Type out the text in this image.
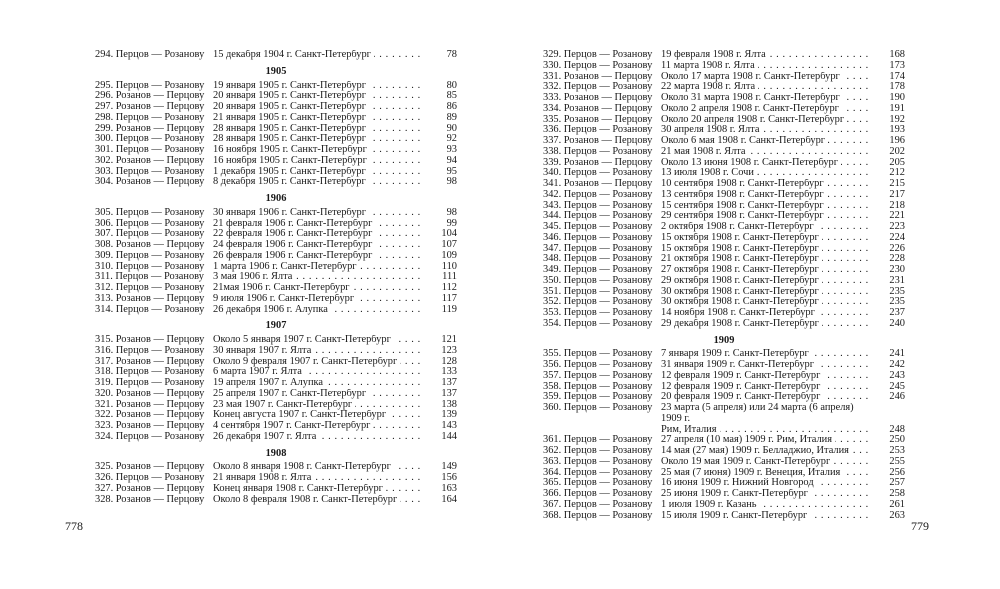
294. Перцов — Розанову 15 декабря 1904 г. Санкт-Петербург . . .	78
1905
295. Перцов — Розанову 19 января 1905 г. Санкт-Петербург . . .	80
296. Розанов — Перцову 20 января 1905 г. Санкт-Петербург . . .	85
297. Розанов — Перцову 20 января 1905 г. Санкт-Петербург . . .	86
298. Перцов — Розанову 21 января 1905 г. Санкт-Петербург . . .	89
299. Розанов — Перцову 28 января 1905 г. Санкт-Петербург . . .	90
300. Перцов — Розанову 28 января 1905 г. Санкт-Петербург . . .	92
301. Перцов — Розанову 16 ноября 1905 г. Санкт-Петербург . . .	93
302. Розанов — Перцову 16 ноября 1905 г. Санкт-Петербург . . .	94
303. Перцов — Розанову 1 декабря 1905 г. Санкт-Петербург . . .	95
304. Розанов — Перцову 8 декабря 1905 г. Санкт-Петербург . . .	98
1906
305. Перцов — Розанову 30 января 1906 г. Санкт-Петербург . . .	98
306. Перцов — Розанову 21 февраля 1906 г. Санкт-Петербург . . .	99
307. Перцов — Розанову 22 февраля 1906 г. Санкт-Петербург . . .	104
308. Розанов — Перцову 24 февраля 1906 г. Санкт-Петербург . . .	107
309. Перцов — Розанову 26 февраля 1906 г. Санкт-Петербург . . .	109
310. Перцов — Розанову 1 марта 1906 г. Санкт-Петербург . . .	110
311. Перцов — Розанову 3 мая 1906 г. Ялта . . .	111
312. Перцов — Розанову 21мая 1906 г. Санкт-Петербург . . .	112
313. Розанов — Перцову 9 июля 1906 г. Санкт-Петербург . . .	117
314. Перцов — Розанову 26 декабря 1906 г. Алупка . . .	119
1907
315. Розанов — Перцову Около 5 января 1907 г. Санкт-Петербург . . .	121
316. Перцов — Розанову 30 января 1907 г. Ялта . . .	123
317. Розанов — Перцову Около 9 февраля 1907 г. Санкт-Петербург . . .	128
318. Перцов — Розанову 6 марта 1907 г. Ялта . . .	133
319. Перцов — Розанову 19 апреля 1907 г. Алупка . . .	137
320. Розанов — Перцову 25 апреля 1907 г. Санкт-Петербург . . .	137
321. Розанов — Перцову 23 мая 1907 г. Санкт-Петербург . . .	138
322. Розанов — Перцову Конец августа 1907 г. Санкт-Петербург . . .	139
323. Розанов — Перцову 4 сентября 1907 г. Санкт-Петербург . . .	143
324. Перцов — Розанову 26 декабря 1907 г. Ялта . . .	144
1908
325. Розанов — Перцову Около 8 января 1908 г. Санкт-Петербург . . .	149
326. Перцов — Розанову 21 января 1908 г. Ялта . . .	156
327. Розанов — Перцову Конец января 1908 г. Санкт-Петербург . . .	163
328. Розанов — Перцову Около 8 февраля 1908 г. Санкт-Петербург . . .	164
778
329. Перцов — Розанову 19 февраля 1908 г. Ялта . . .	168
330. Перцов — Розанову 11 марта 1908 г. Ялта . . .	173
331. Розанов — Перцову Около 17 марта 1908 г. Санкт-Петербург . . .	174
332. Перцов — Розанову 22 марта 1908 г. Ялта . . .	178
333. Розанов — Перцову Около 31 марта 1908 г. Санкт-Петербург . . .	190
334. Розанов — Перцову Около 2 апреля 1908 г. Санкт-Петербург . . .	191
335. Розанов — Перцову Около 20 апреля 1908 г. Санкт-Петербург . . .	192
336. Перцов — Розанову 30 апреля 1908 г. Ялта . . .	193
337. Розанов — Перцову Около 6 мая 1908 г. Санкт-Петербург . . .	196
338. Перцов — Розанову 21 мая 1908 г. Ялта . . .	202
339. Розанов — Перцову Около 13 июня 1908 г. Санкт-Петербург . . .	205
340. Перцов — Розанову 13 июля 1908 г. Сочи . . .	212
341. Розанов — Перцову 10 сентября 1908 г. Санкт-Петербург . . .	215
342. Перцов — Розанову 13 сентября 1908 г. Санкт-Петербург . . .	217
343. Перцов — Розанову 15 сентября 1908 г. Санкт-Петербург . . .	218
344. Перцов — Розанову 29 сентября 1908 г. Санкт-Петербург . . .	221
345. Перцов — Розанову 2 октября 1908 г. Санкт-Петербург . . .	223
346. Перцов — Розанову 15 октября 1908 г. Санкт-Петербург . . .	224
347. Перцов — Розанову 15 октября 1908 г. Санкт-Петербург . . .	226
348. Перцов — Розанову 21 октября 1908 г. Санкт-Петербург . . .	228
349. Перцов — Розанову 27 октября 1908 г. Санкт-Петербург . . .	230
350. Перцов — Розанову 29 октября 1908 г. Санкт-Петербург . . .	231
351. Перцов — Розанову 30 октября 1908 г. Санкт-Петербург . . .	235
352. Перцов — Розанову 30 октября 1908 г. Санкт-Петербург . . .	235
353. Перцов — Розанову 14 ноября 1908 г. Санкт-Петербург . . .	237
354. Перцов — Розанову 29 декабря 1908 г. Санкт-Петербург . . .	240
1909
355. Перцов — Розанову 7 января 1909 г. Санкт-Петербург . . .	241
356. Перцов — Розанову 31 января 1909 г. Санкт-Петербург . . .	242
357. Перцов — Розанову 12 февраля 1909 г. Санкт-Петербург . . .	243
358. Перцов — Розанову 12 февраля 1909 г. Санкт-Петербург . . .	245
359. Перцов — Розанову 20 февраля 1909 г. Санкт-Петербург . . .	246
360. Перцов — Розанову 23 марта (5 апреля) или 24 марта (6 апреля) 1909 г.
Рим, Италия . . .	248
361. Перцов — Розанову 27 апреля (10 мая) 1909 г. Рим, Италия . . .	250
362. Перцов — Розанову 14 мая (27 мая) 1909 г. Белладжио, Италия . . .	253
363. Перцов — Розанову Около 19 мая 1909 г. Санкт-Петербург . . .	255
364. Перцов — Розанову 25 мая (7 июня) 1909 г. Венеция, Италия . . .	256
365. Перцов — Розанову 16 июня 1909 г. Нижний Новгород . . .	257
366. Перцов — Розанову 25 июня 1909 г. Санкт-Петербург . . .	258
367. Перцов — Розанову 1 июля 1909 г. Казань . . .	261
368. Перцов — Розанову 15 июля 1909 г. Санкт-Петербург . . .	263
779
